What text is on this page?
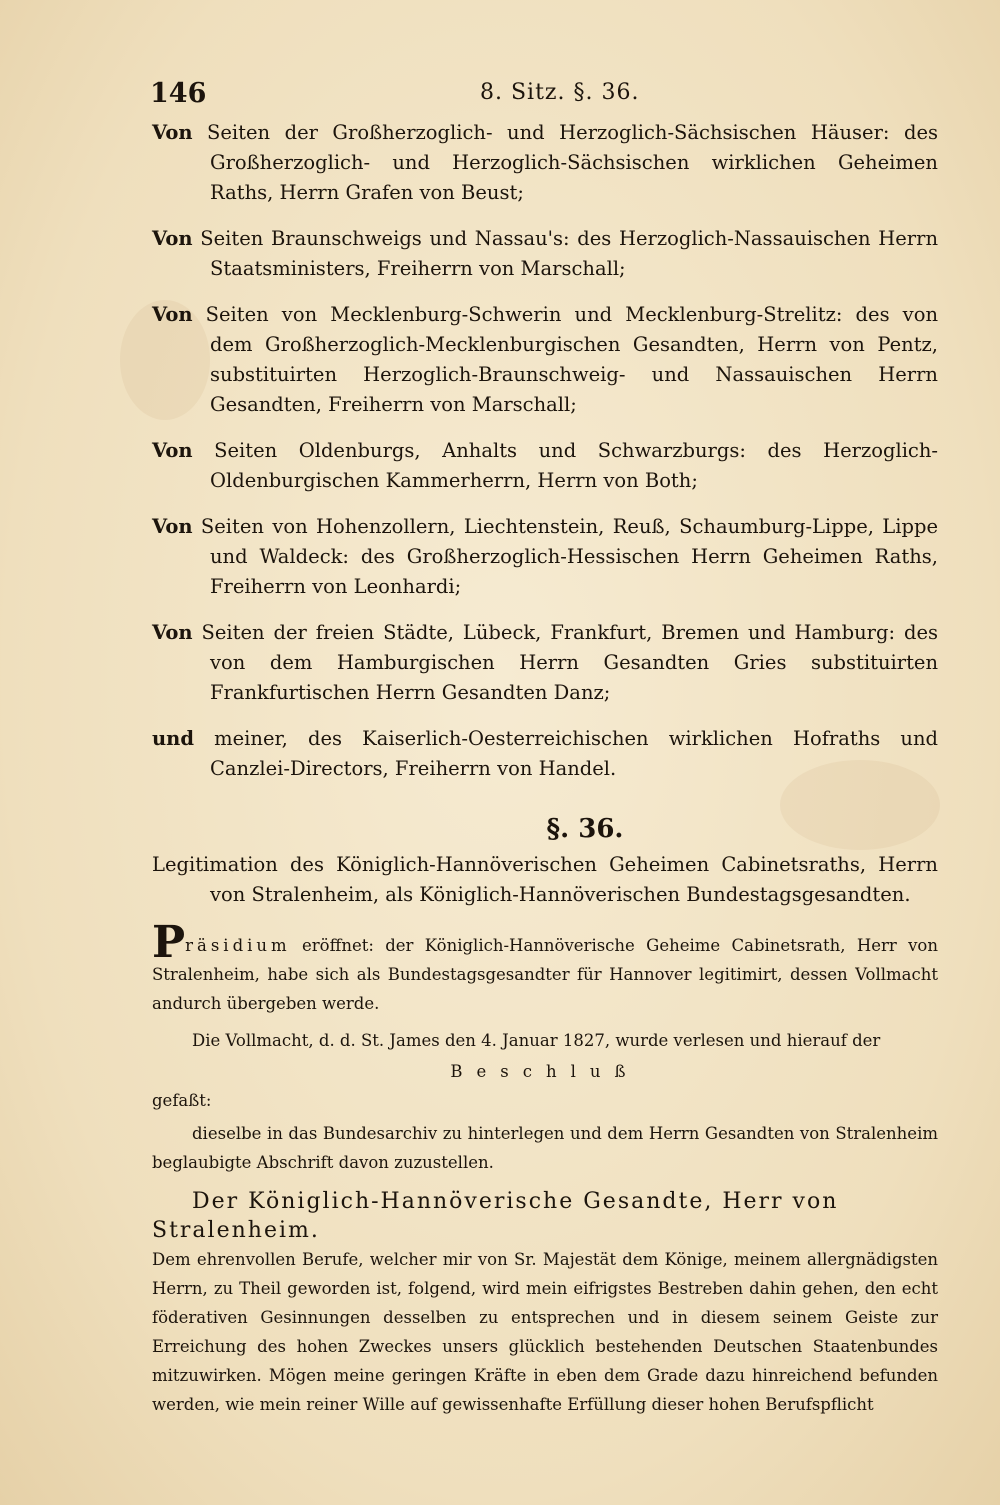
146	8. Sitz. §. 36.

Von Seiten der Großherzoglich- und Herzoglich-Sächsischen Häuser: des Großherzoglich- und Herzoglich-Sächsischen wirklichen Geheimen Raths, Herrn Grafen von Beust;

Von Seiten Braunschweigs und Nassau's: des Herzoglich-Nassauischen Herrn Staatsministers, Freiherrn von Marschall;

Von Seiten von Mecklenburg-Schwerin und Mecklenburg-Strelitz: des von dem Großherzoglich-Mecklenburgischen Gesandten, Herrn von Pentz, substituirten Herzoglich-Braunschweig- und Nassauischen Herrn Gesandten, Freiherrn von Marschall;

Von Seiten Oldenburgs, Anhalts und Schwarzburgs: des Herzoglich-Oldenburgischen Kammerherrn, Herrn von Both;

Von Seiten von Hohenzollern, Liechtenstein, Reuß, Schaumburg-Lippe, Lippe und Waldeck: des Großherzoglich-Hessischen Herrn Geheimen Raths, Freiherrn von Leonhardi;

Von Seiten der freien Städte, Lübeck, Frankfurt, Bremen und Hamburg: des von dem Hamburgischen Herrn Gesandten Gries substituirten Frankfurtischen Herrn Gesandten Danz;

und meiner, des Kaiserlich-Oesterreichischen wirklichen Hofraths und Canzlei-Directors, Freiherrn von Handel.

§. 36.

Legitimation des Königlich-Hannöverischen Geheimen Cabinetsraths, Herrn von Stralenheim, als Königlich-Hannöverischen Bundestagsgesandten.

Präsidium eröffnet: der Königlich-Hannöverische Geheime Cabinetsrath, Herr von Stralenheim, habe sich als Bundestagsgesandter für Hannover legitimirt, dessen Vollmacht andurch übergeben werde.

Die Vollmacht, d. d. St. James den 4. Januar 1827, wurde verlesen und hierauf der

Beschluß

gefaßt:

dieselbe in das Bundesarchiv zu hinterlegen und dem Herrn Gesandten von Stralenheim beglaubigte Abschrift davon zuzustellen.

Der Königlich-Hannöverische Gesandte, Herr von Stralenheim.

Dem ehrenvollen Berufe, welcher mir von Sr. Majestät dem Könige, meinem allergnädigsten Herrn, zu Theil geworden ist, folgend, wird mein eifrigstes Bestreben dahin gehen, den echt föderativen Gesinnungen desselben zu entsprechen und in diesem seinem Geiste zur Erreichung des hohen Zweckes unsers glücklich bestehenden Deutschen Staatenbundes mitzuwirken. Mögen meine geringen Kräfte in eben dem Grade dazu hinreichend befunden werden, wie mein reiner Wille auf gewissenhafte Erfüllung dieser hohen Berufspflicht
